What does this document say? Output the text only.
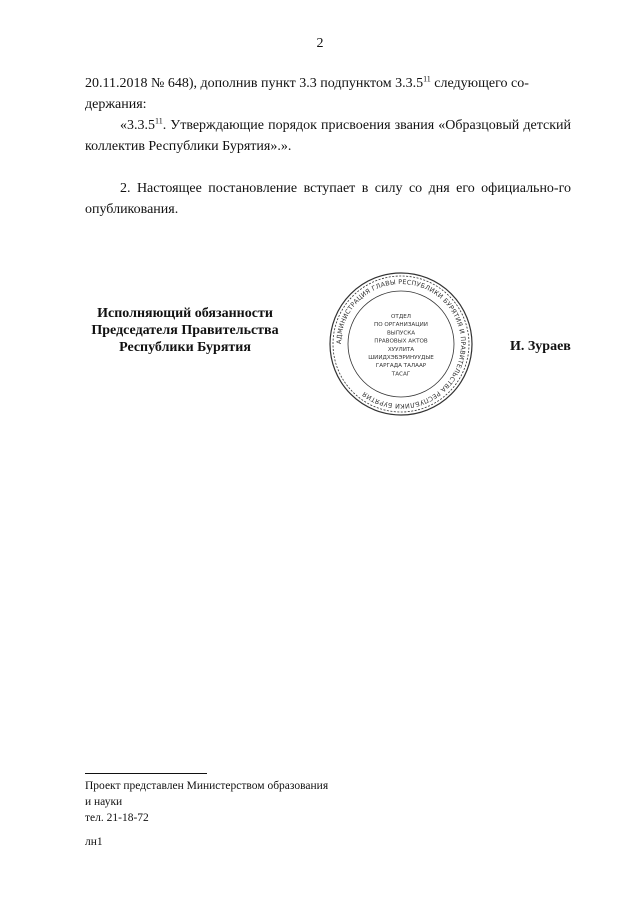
2

20.11.2018 № 648), дополнив пункт 3.3 подпунктом 3.3.5$^{11}$ следующего со-
держания:

«3.3.5$^{11}$. Утверждающие порядок присвоения звания «Образцовый детский коллектив Республики Бурятия».».

2. Настоящее постановление вступает в силу со дня его официально-го опубликования.

Исполняющий обязанности
Председателя Правительства
Республики Бурятия	АДМИНИСТРАЦИЯ ГЛАВЫ РЕСПУБЛИКИ БУРЯТИЯ И ПРАВИТЕЛЬСТВА РЕСПУБЛИКИ БУРЯТИЯ
ОТДЕЛ
ПО ОРГАНИЗАЦИИ
ВЫПУСКА
ПРАВОВЫХ АКТОВ
ХУУЛИТА
ШИИДХЭБЭРИНУУДЫЕ
ГАРГАДА ТАЛААР
ТАСАГ
И. Зураев
Проект представлен Министерством образования
и науки
тел. 21-18-72
лн1
